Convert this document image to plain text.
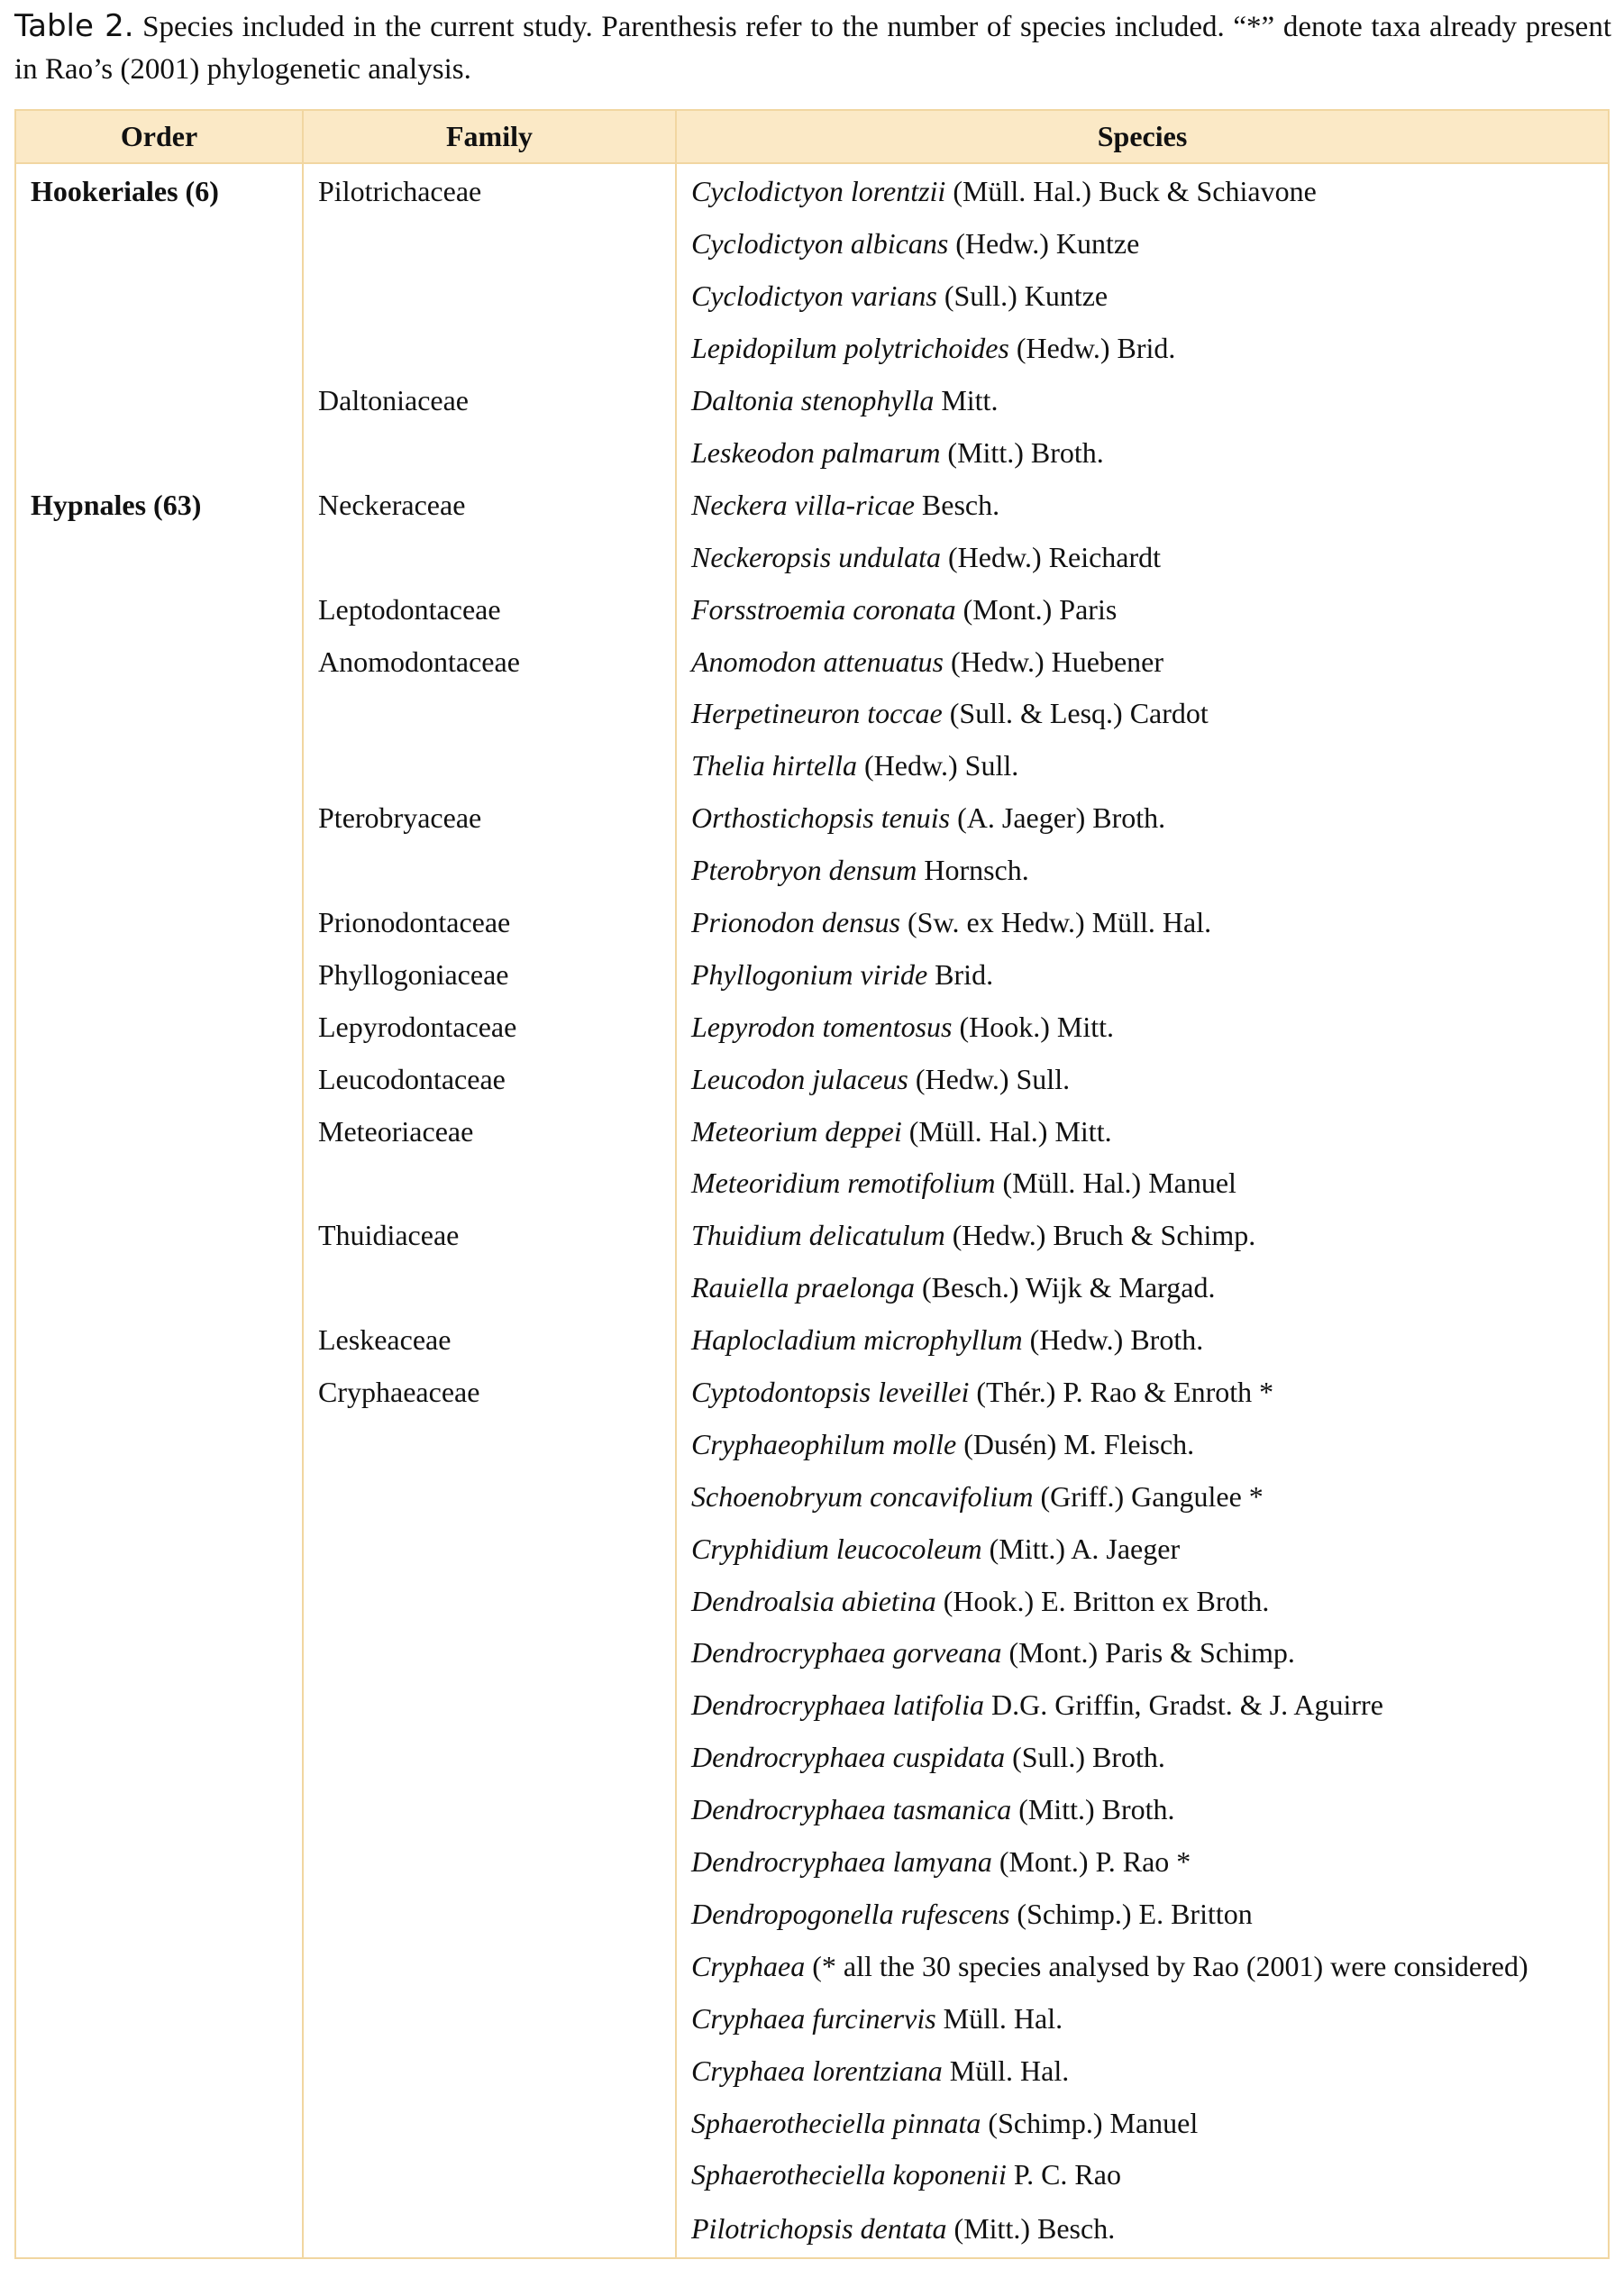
Table 2. Species included in the current study. Parenthesis refer to the number of species included. “*” denote taxa already present in Rao’s (2001) phylogenetic analysis.
Order	Family	Species
Hookeriales (6)	Pilotrichaceae	Cyclodictyon lorentzii (Müll. Hal.) Buck & Schiavone
		Cyclodictyon albicans (Hedw.) Kuntze
		Cyclodictyon varians (Sull.) Kuntze
		Lepidopilum polytrichoides (Hedw.) Brid.
	Daltoniaceae	Daltonia stenophylla Mitt.
		Leskeodon palmarum (Mitt.) Broth.
Hypnales (63)	Neckeraceae	Neckera villa-ricae Besch.
		Neckeropsis undulata (Hedw.) Reichardt
	Leptodontaceae	Forsstroemia coronata (Mont.) Paris
	Anomodontaceae	Anomodon attenuatus (Hedw.) Huebener
		Herpetineuron toccae (Sull. & Lesq.) Cardot
		Thelia hirtella (Hedw.) Sull.
	Pterobryaceae	Orthostichopsis tenuis (A. Jaeger) Broth.
		Pterobryon densum Hornsch.
	Prionodontaceae	Prionodon densus (Sw. ex Hedw.) Müll. Hal.
	Phyllogoniaceae	Phyllogonium viride Brid.
	Lepyrodontaceae	Lepyrodon tomentosus (Hook.) Mitt.
	Leucodontaceae	Leucodon julaceus (Hedw.) Sull.
	Meteoriaceae	Meteorium deppei (Müll. Hal.) Mitt.
		Meteoridium remotifolium (Müll. Hal.) Manuel
	Thuidiaceae	Thuidium delicatulum (Hedw.) Bruch & Schimp.
		Rauiella praelonga (Besch.) Wijk & Margad.
	Leskeaceae	Haplocladium microphyllum (Hedw.) Broth.
	Cryphaeaceae	Cyptodontopsis leveillei (Thér.) P. Rao & Enroth *
		Cryphaeophilum molle (Dusén) M. Fleisch.
		Schoenobryum concavifolium (Griff.) Gangulee *
		Cryphidium leucocoleum (Mitt.) A. Jaeger
		Dendroalsia abietina (Hook.) E. Britton ex Broth.
		Dendrocryphaea gorveana (Mont.) Paris & Schimp.
		Dendrocryphaea latifolia D.G. Griffin, Gradst. & J. Aguirre
		Dendrocryphaea cuspidata (Sull.) Broth.
		Dendrocryphaea tasmanica (Mitt.) Broth.
		Dendrocryphaea lamyana (Mont.) P. Rao *
		Dendropogonella rufescens (Schimp.) E. Britton
		Cryphaea (* all the 30 species analysed by Rao (2001) were considered)
		Cryphaea furcinervis Müll. Hal.
		Cryphaea lorentziana Müll. Hal.
		Sphaerotheciella pinnata (Schimp.) Manuel
		Sphaerotheciella koponenii P. C. Rao
		Pilotrichopsis dentata (Mitt.) Besch.
